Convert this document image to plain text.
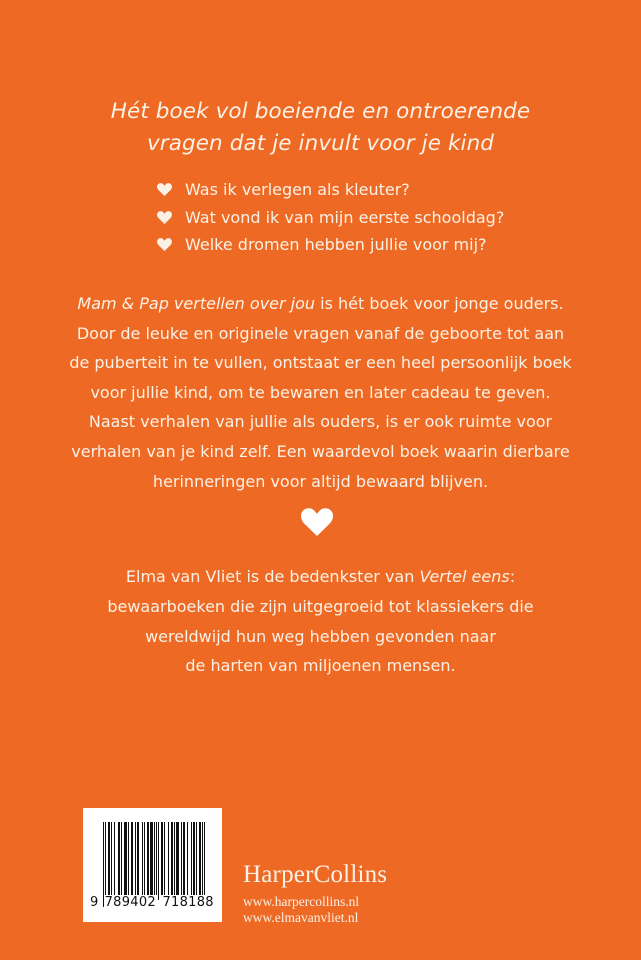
Hét boek vol boeiende en ontroerende
vragen dat je invult voor je kind
Was ik verlegen als kleuter?
Wat vond ik van mijn eerste schooldag?
Welke dromen hebben jullie voor mij?
Mam & Pap vertellen over jou is hét boek voor jonge ouders.
Door de leuke en originele vragen vanaf de geboorte tot aan
de puberteit in te vullen, ontstaat er een heel persoonlijk boek
voor jullie kind, om te bewaren en later cadeau te geven.
Naast verhalen van jullie als ouders, is er ook ruimte voor
verhalen van je kind zelf. Een waardevol boek waarin dierbare
herinneringen voor altijd bewaard blijven.
Elma van Vliet is de bedenkster van Vertel eens:
bewaarboeken die zijn uitgegroeid tot klassiekers die
wereldwijd hun weg hebben gevonden naar
de harten van miljoenen mensen.
9 789402 718188
HarperCollins
www.harpercollins.nl
www.elmavanvliet.nl
